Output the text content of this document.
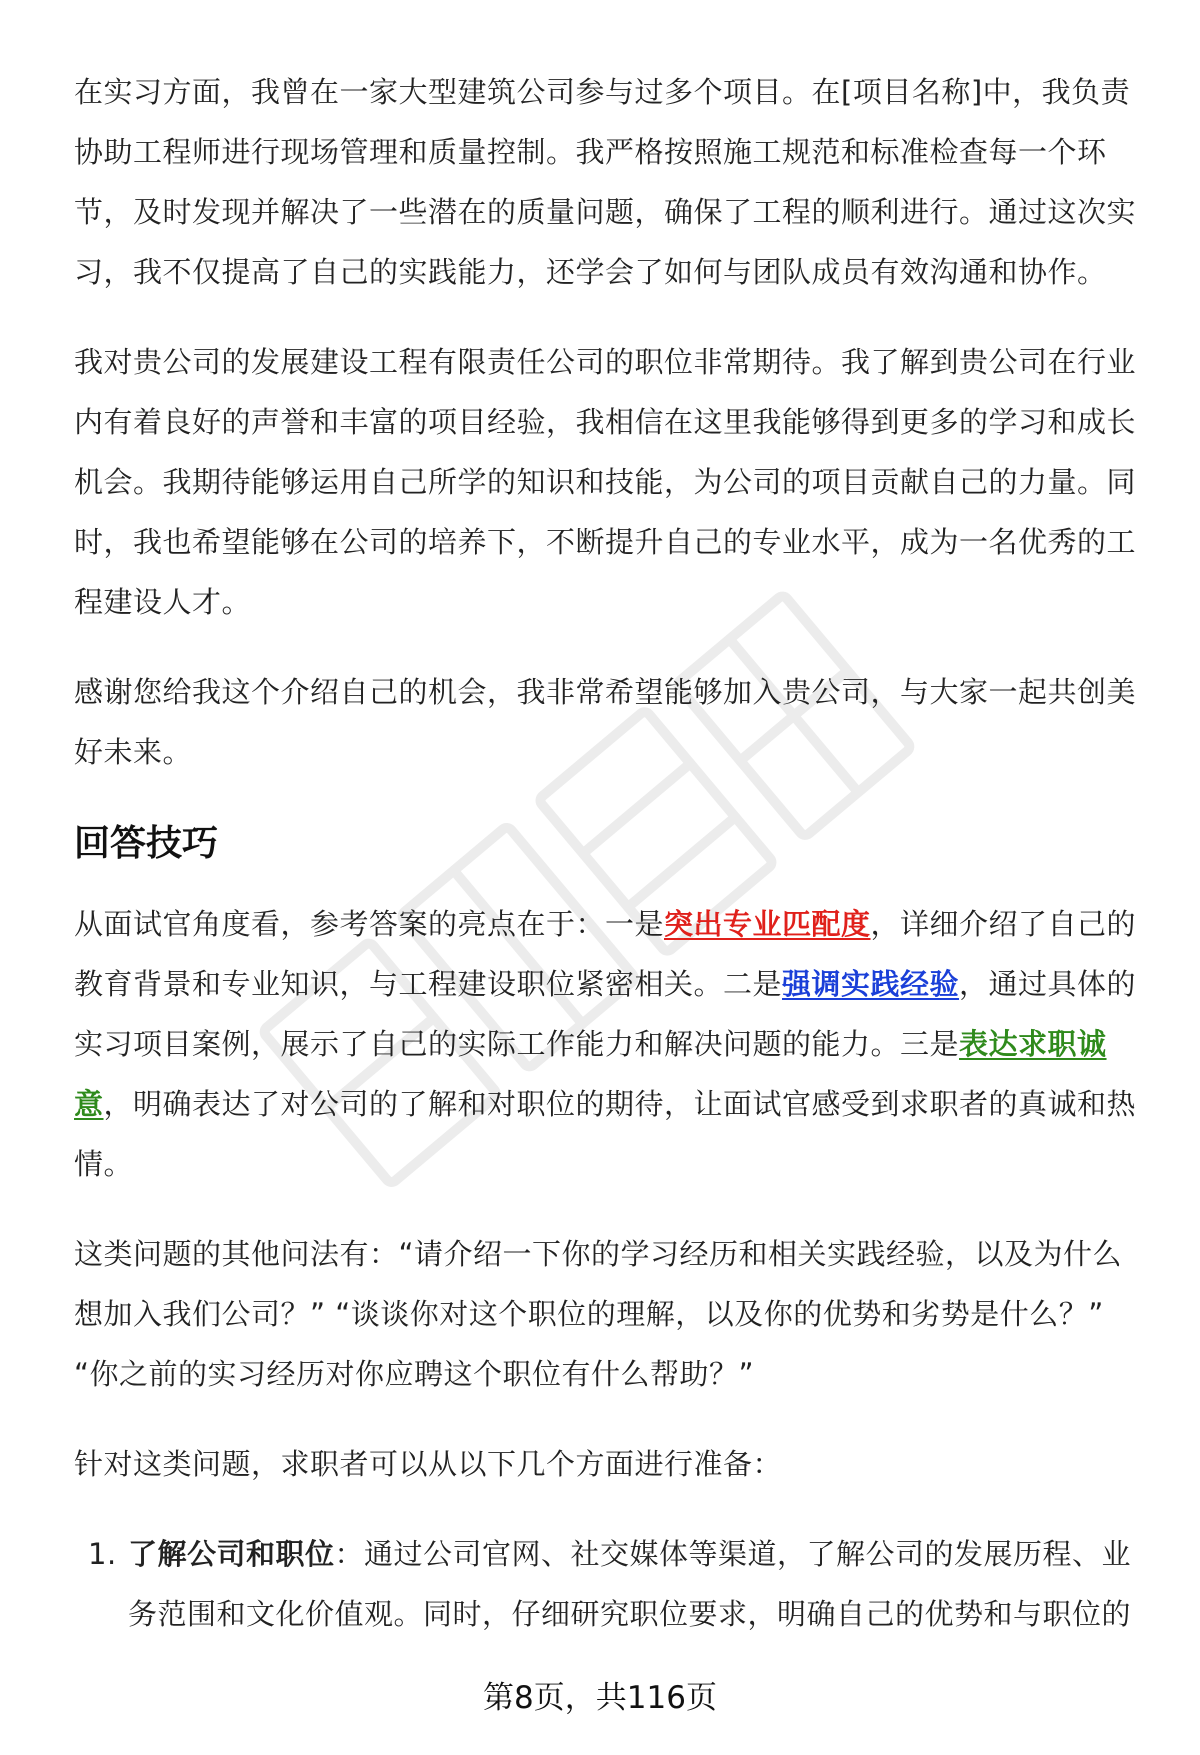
在实习方面，我曾在一家大型建筑公司参与过多个项目。在[项目名称]中，我负责协助工程师进行现场管理和质量控制。我严格按照施工规范和标准检查每一个环节，及时发现并解决了一些潜在的质量问题，确保了工程的顺利进行。通过这次实习，我不仅提高了自己的实践能力，还学会了如何与团队成员有效沟通和协作。

我对贵公司的发展建设工程有限责任公司的职位非常期待。我了解到贵公司在行业内有着良好的声誉和丰富的项目经验，我相信在这里我能够得到更多的学习和成长机会。我期待能够运用自己所学的知识和技能，为公司的项目贡献自己的力量。同时，我也希望能够在公司的培养下，不断提升自己的专业水平，成为一名优秀的工程建设人才。

感谢您给我这个介绍自己的机会，我非常希望能够加入贵公司，与大家一起共创美好未来。

回答技巧

从面试官角度看，参考答案的亮点在于：一是突出专业匹配度，详细介绍了自己的教育背景和专业知识，与工程建设职位紧密相关。二是强调实践经验，通过具体的实习项目案例，展示了自己的实际工作能力和解决问题的能力。三是表达求职诚意，明确表达了对公司的了解和对职位的期待，让面试官感受到求职者的真诚和热情。

这类问题的其他问法有：“请介绍一下你的学习经历和相关实践经验，以及为什么想加入我们公司？” “谈谈你对这个职位的理解，以及你的优势和劣势是什么？” “你之前的实习经历对你应聘这个职位有什么帮助？”

针对这类问题，求职者可以从以下几个方面进行准备：

1. 了解公司和职位：通过公司官网、社交媒体等渠道，了解公司的发展历程、业务范围和文化价值观。同时，仔细研究职位要求，明确自己的优势和与职位的
第8页，共116页
